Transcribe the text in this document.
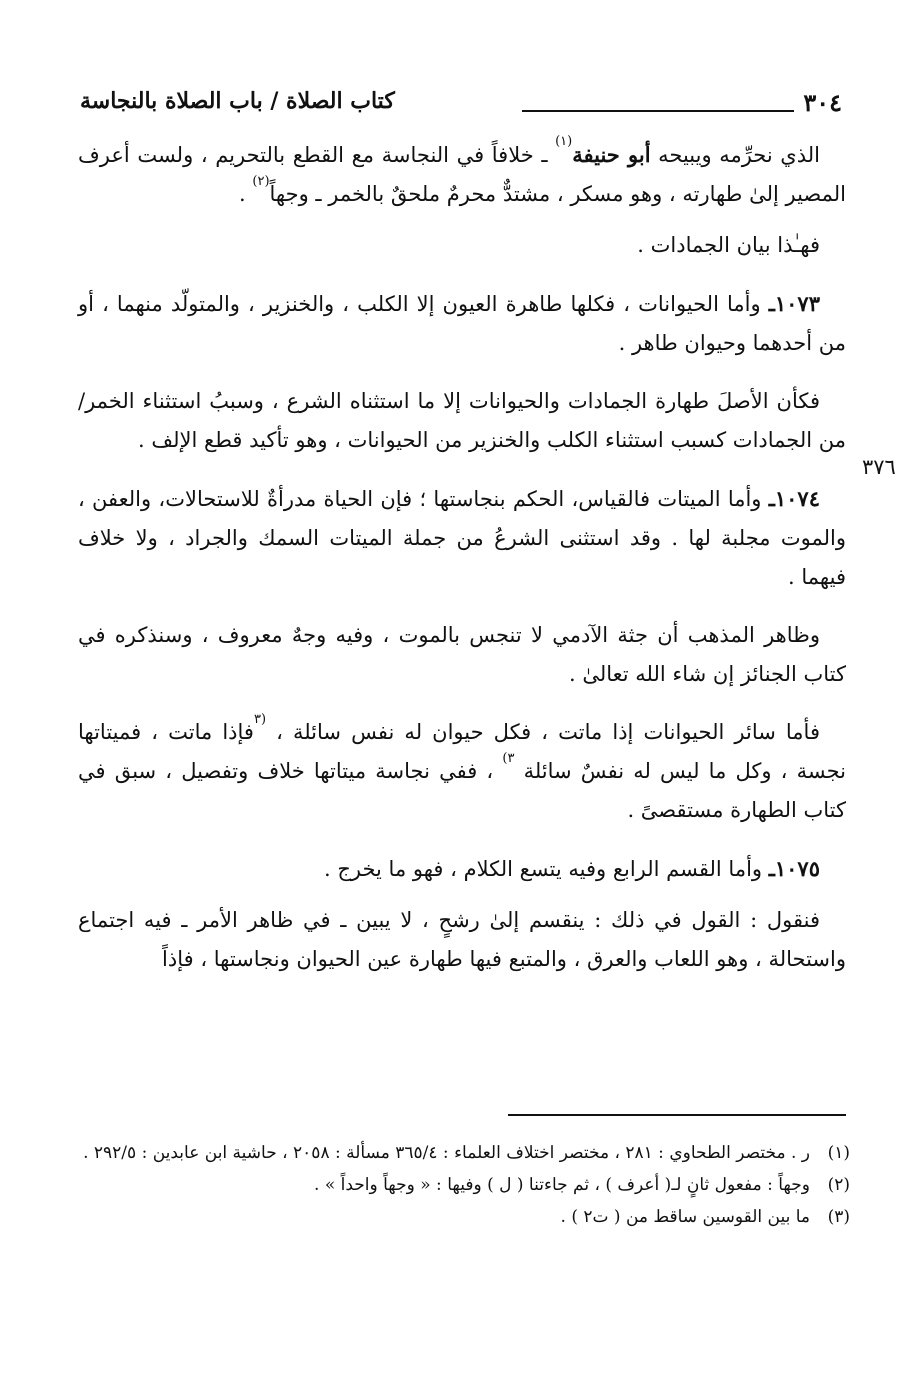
٣٠٤
كتاب الصلاة / باب الصلاة بالنجاسة
٣٧٦

الذي نحرِّمه ويبيحه أبو حنيفة$^{(١)}$ ـ خلافاً في النجاسة مع القطع بالتحريم ، ولست أعرف المصير إلىٰ طهارته ، وهو مسكر ، مشتدٌّ محرمٌ ملحقٌ بالخمر ـ وجهاً$^{(٢)}$ .

فهـٰذا بيان الجمادات .

١٠٧٣ـ وأما الحيوانات ، فكلها طاهرة العيون إلا الكلب ، والخنزير ، والمتولّد منهما ، أو من أحدهما وحيوان طاهر .

فكأن الأصلَ طهارة الجمادات والحيوانات إلا ما استثناه الشرع ، وسببُ استثناء الخمر/ من الجمادات كسبب استثناء الكلب والخنزير من الحيوانات ، وهو تأكيد قطع الإلف .

١٠٧٤ـ وأما الميتات فالقياس، الحكم بنجاستها ؛ فإن الحياة مدرأةٌ للاستحالات، والعفن ، والموت مجلبة لها . وقد استثنى الشرعُ من جملة الميتات السمك والجراد ، ولا خلاف فيهما .

وظاهر المذهب أن جثة الآدمي لا تنجس بالموت ، وفيه وجهٌ معروف ، وسنذكره في كتاب الجنائز إن شاء الله تعالىٰ .

فأما سائر الحيوانات إذا ماتت ، فكل حيوان له نفس سائلة ، $^{(٣}$فإذا ماتت ، فميتاتها نجسة ، وكل ما ليس له نفسٌ سائلة $^{٣)}$ ، ففي نجاسة ميتاتها خلاف وتفصيل ، سبق في كتاب الطهارة مستقصىً .

١٠٧٥ـ وأما القسم الرابع وفيه يتسع الكلام ، فهو ما يخرج .

فنقول : القول في ذلك : ينقسم إلىٰ رشحٍ ، لا يبين ـ في ظاهر الأمر ـ فيه اجتماع واستحالة ، وهو اللعاب والعرق ، والمتبع فيها طهارة عين الحيوان ونجاستها ، فإذاً

(١)
ر . مختصر الطحاوي : ٢٨١ ، مختصر اختلاف العلماء : ٣٦٥/٤ مسألة : ٢٠٥٨ ، حاشية ابن عابدين : ٢٩٢/٥ .
(٢)
وجهاً : مفعول ثانٍ لـ( أعرف ) ، ثم جاءتنا ( ل ) وفيها : « وجهاً واحداً » .
(٣)
ما بين القوسين ساقط من ( ت٢ ) .
